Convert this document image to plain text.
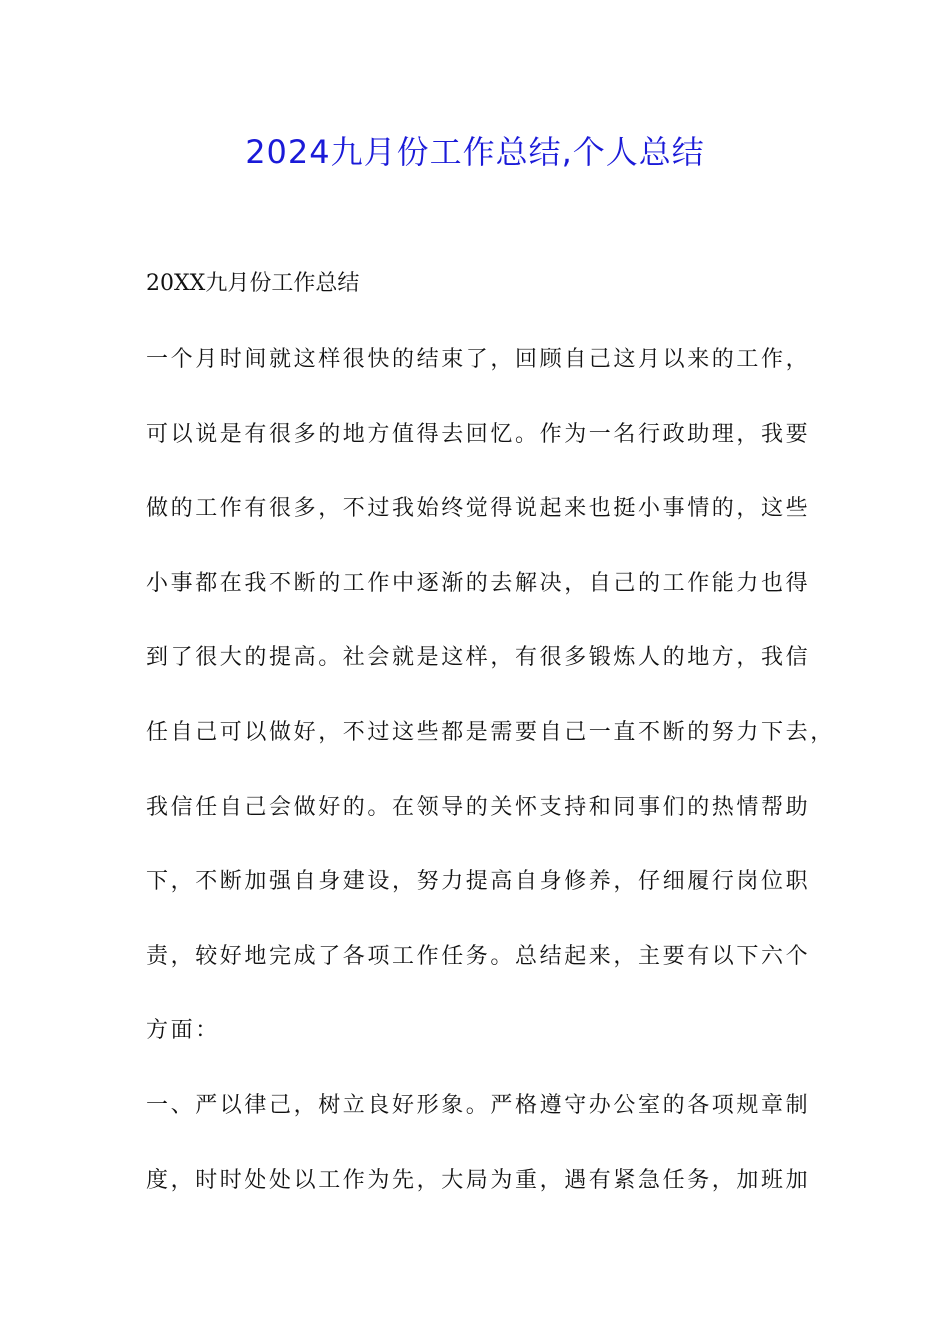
2024九月份工作总结,个人总结

20XX九月份工作总结

一个月时间就这样很快的结束了，回顾自己这月以来的工作，
可以说是有很多的地方值得去回忆。作为一名行政助理，我要
做的工作有很多，不过我始终觉得说起来也挺小事情的，这些
小事都在我不断的工作中逐渐的去解决，自己的工作能力也得
到了很大的提高。社会就是这样，有很多锻炼人的地方，我信
任自己可以做好，不过这些都是需要自己一直不断的努力下去，
我信任自己会做好的。在领导的关怀支持和同事们的热情帮助
下，不断加强自身建设，努力提高自身修养，仔细履行岗位职
责，较好地完成了各项工作任务。总结起来，主要有以下六个
方面：
一、严以律己，树立良好形象。严格遵守办公室的各项规章制
度，时时处处以工作为先，大局为重，遇有紧急任务，加班加
